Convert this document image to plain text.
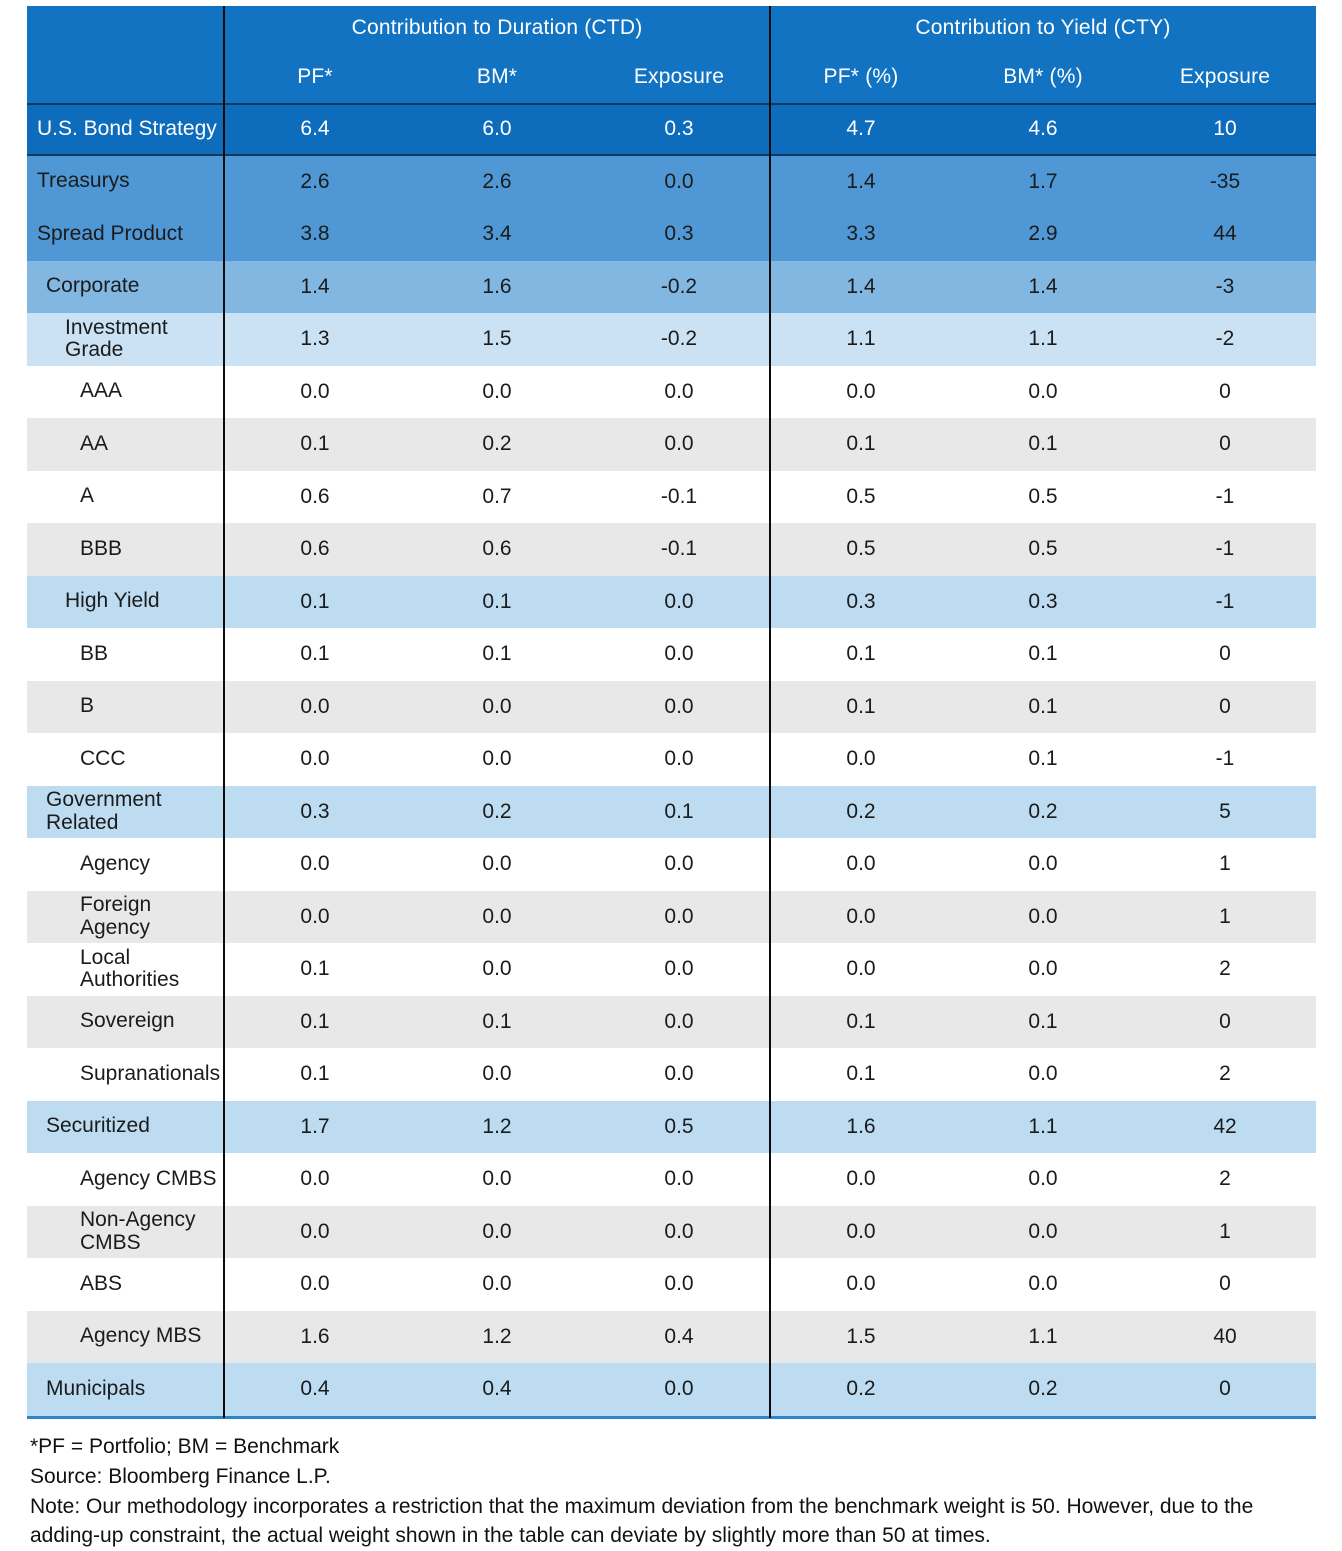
Contribution to Duration (CTD)	Contribution to Yield (CTY)
PF*	BM*	Exposure	PF* (%)	BM* (%)	Exposure
U.S. Bond Strategy	6.4	6.0	0.3	4.7	4.6	10
Treasurys	2.6	2.6	0.0	1.4	1.7	-35
Spread Product	3.8	3.4	0.3	3.3	2.9	44
Corporate	1.4	1.6	-0.2	1.4	1.4	-3
Investment Grade	1.3	1.5	-0.2	1.1	1.1	-2
AAA	0.0	0.0	0.0	0.0	0.0	0
AA	0.1	0.2	0.0	0.1	0.1	0
A	0.6	0.7	-0.1	0.5	0.5	-1
BBB	0.6	0.6	-0.1	0.5	0.5	-1
High Yield	0.1	0.1	0.0	0.3	0.3	-1
BB	0.1	0.1	0.0	0.1	0.1	0
B	0.0	0.0	0.0	0.1	0.1	0
CCC	0.0	0.0	0.0	0.0	0.1	-1
Government Related	0.3	0.2	0.1	0.2	0.2	5
Agency	0.0	0.0	0.0	0.0	0.0	1
Foreign Agency	0.0	0.0	0.0	0.0	0.0	1
Local Authorities	0.1	0.0	0.0	0.0	0.0	2
Sovereign	0.1	0.1	0.0	0.1	0.1	0
Supranationals	0.1	0.0	0.0	0.1	0.0	2
Securitized	1.7	1.2	0.5	1.6	1.1	42
Agency CMBS	0.0	0.0	0.0	0.0	0.0	2
Non-Agency CMBS	0.0	0.0	0.0	0.0	0.0	1
ABS	0.0	0.0	0.0	0.0	0.0	0
Agency MBS	1.6	1.2	0.4	1.5	1.1	40
Municipals	0.4	0.4	0.0	0.2	0.2	0
*PF = Portfolio; BM = Benchmark
Source: Bloomberg Finance L.P.
Note: Our methodology incorporates a restriction that the maximum deviation from the benchmark weight is 50. However, due to the adding-up constraint, the actual weight shown in the table can deviate by slightly more than 50 at times.
